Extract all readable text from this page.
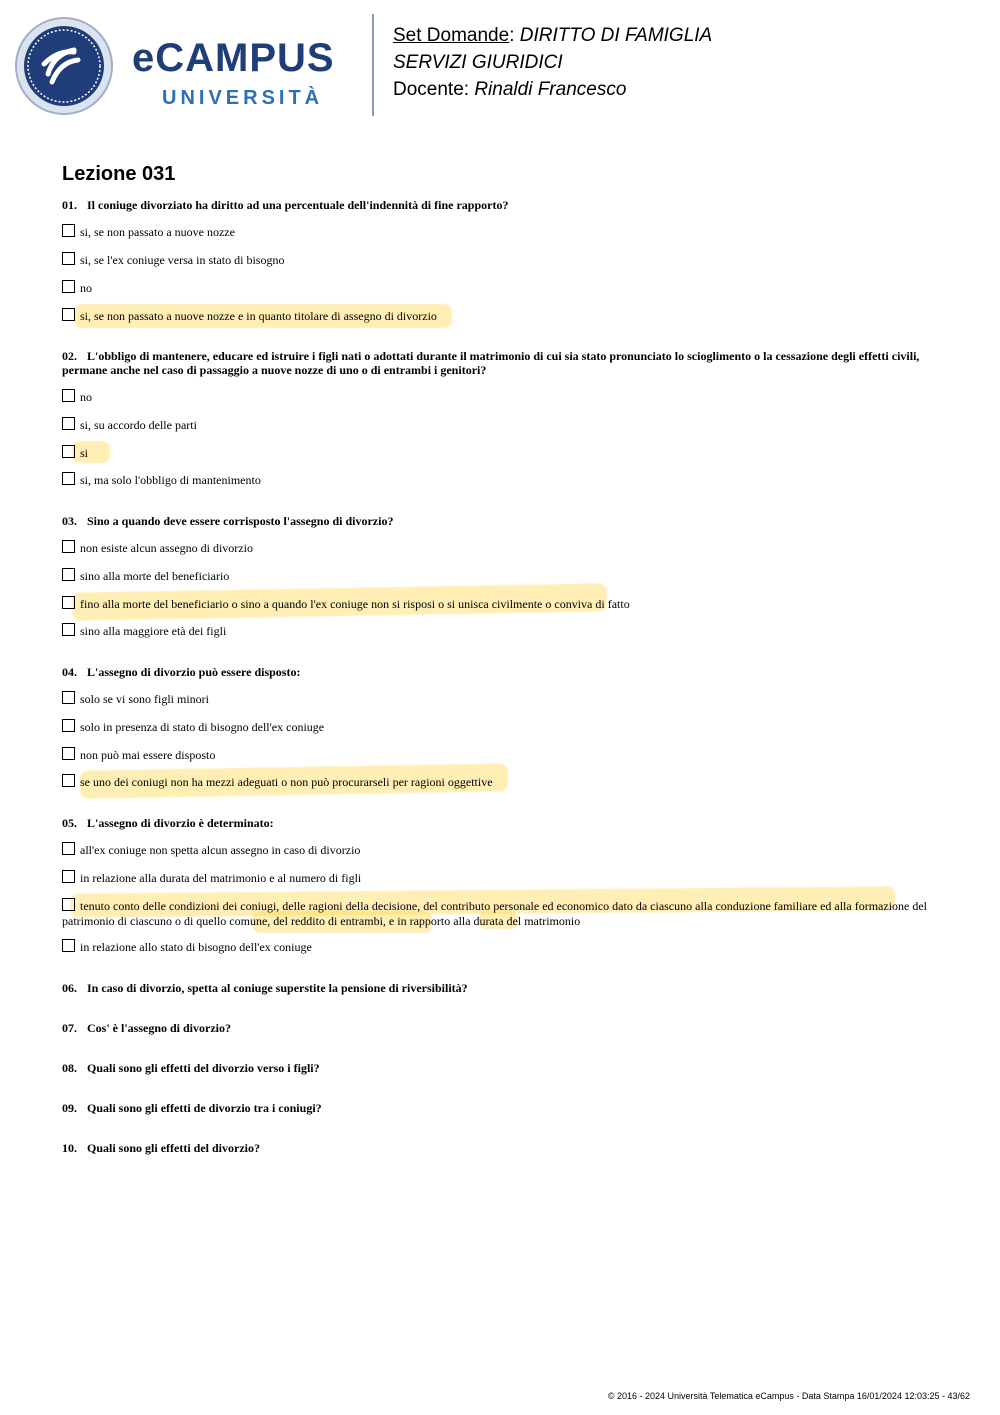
eCAMPUS
UNIVERSITÀ
Set Domande: DIRITTO DI FAMIGLIA
SERVIZI GIURIDICI
Docente: Rinaldi Francesco
Lezione 031
01. Il coniuge divorziato ha diritto ad una percentuale dell'indennità di fine rapporto?
si, se non passato a nuove nozze
si, se l'ex coniuge versa in stato di bisogno
no
si, se non passato a nuove nozze e in quanto titolare di assegno di divorzio
02. L'obbligo di mantenere, educare ed istruire i figli nati o adottati durante il matrimonio di cui sia stato pronunciato lo scioglimento o la cessazione degli effetti civili, permane anche nel caso di passaggio a nuove nozze di uno o di entrambi i genitori?
no
si, su accordo delle parti
si
si, ma solo l'obbligo di mantenimento
03. Sino a quando deve essere corrisposto l'assegno di divorzio?
non esiste alcun assegno di divorzio
sino alla morte del beneficiario
fino alla morte del beneficiario o sino a quando l'ex coniuge non si risposi o si unisca civilmente o conviva di fatto
sino alla maggiore età dei figli
04. L'assegno di divorzio può essere disposto:
solo se vi sono figli minori
solo in presenza di stato di bisogno dell'ex coniuge
non può mai essere disposto
se uno dei coniugi non ha mezzi adeguati o non può procurarseli per ragioni oggettive
05. L'assegno di divorzio è determinato:
all'ex coniuge non spetta alcun assegno in caso di divorzio
in relazione alla durata del matrimonio e al numero di figli
tenuto conto delle condizioni dei coniugi, delle ragioni della decisione, del contributo personale ed economico dato da ciascuno alla conduzione familiare ed alla formazione del patrimonio di ciascuno o di quello comune, del reddito di entrambi, e in rapporto alla durata del matrimonio
in relazione allo stato di bisogno dell'ex coniuge
06. In caso di divorzio, spetta al coniuge superstite la pensione di riversibilità?
07. Cos' è l'assegno di divorzio?
08. Quali sono gli effetti del divorzio verso i figli?
09. Quali sono gli effetti de divorzio tra i coniugi?
10. Quali sono gli effetti del divorzio?
© 2016 - 2024 Università Telematica eCampus - Data Stampa 16/01/2024 12:03:25 - 43/62
